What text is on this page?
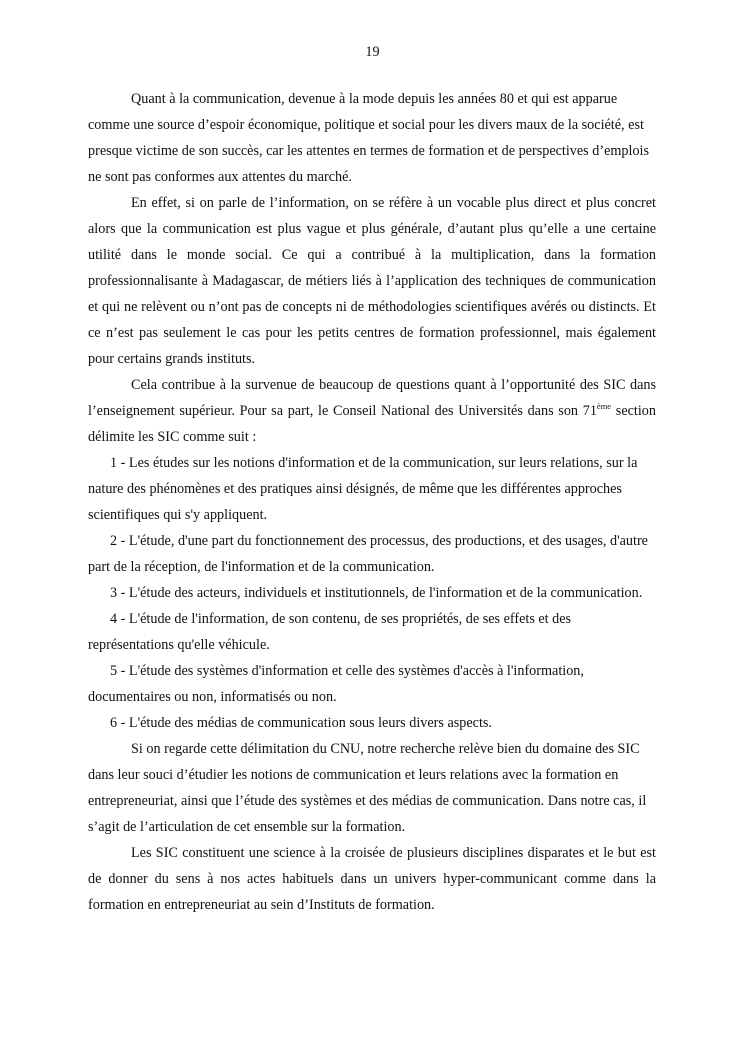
19

Quant à la communication, devenue à la mode depuis les années 80 et qui est apparue comme une source d’espoir économique, politique et social pour les divers maux de la société, est presque victime de son succès, car les attentes en termes de formation et de perspectives d’emplois ne sont pas conformes aux attentes du marché.

En effet, si on parle de l’information, on se réfère à un vocable plus direct et plus concret alors que la communication est plus vague et plus générale, d’autant plus qu’elle a une certaine utilité dans le monde social. Ce qui a contribué à la multiplication, dans la formation professionnalisante à Madagascar, de métiers liés à l’application des techniques de communication et qui ne relèvent ou n’ont pas de concepts ni de méthodologies scientifiques avérés ou distincts. Et ce n’est pas seulement le cas pour les petits centres de formation professionnel, mais également pour certains grands instituts.

Cela contribue à la survenue de beaucoup de questions quant à l’opportunité des SIC dans l’enseignement supérieur. Pour sa part, le Conseil National des Universités dans son 71ème section délimite les SIC comme suit :

1 - Les études sur les notions d'information et de la communication, sur leurs relations, sur la nature des phénomènes et des pratiques ainsi désignés, de même que les différentes approches scientifiques qui s'y appliquent.

2 - L'étude, d'une part du fonctionnement des processus, des productions, et des usages, d'autre part de la réception, de l'information et de la communication.

3 - L'étude des acteurs, individuels et institutionnels, de l'information et de la communication.

4 - L'étude de l'information, de son contenu, de ses propriétés, de ses effets et des représentations qu'elle véhicule.

5 - L'étude des systèmes d'information et celle des systèmes d'accès à l'information, documentaires ou non, informatisés ou non.

6 - L'étude des médias de communication sous leurs divers aspects.

Si on regarde cette délimitation du CNU, notre recherche relève bien du domaine des SIC dans leur souci d’étudier les notions de communication et leurs relations avec la formation en entrepreneuriat, ainsi que l’étude des systèmes et des médias de communication. Dans notre cas, il s’agit de l’articulation de cet ensemble sur la formation.

Les SIC constituent une science à la croisée de plusieurs disciplines disparates et le but est de donner du sens à nos actes habituels dans un univers hyper-communicant comme dans la formation en entrepreneuriat au sein d’Instituts de formation.
